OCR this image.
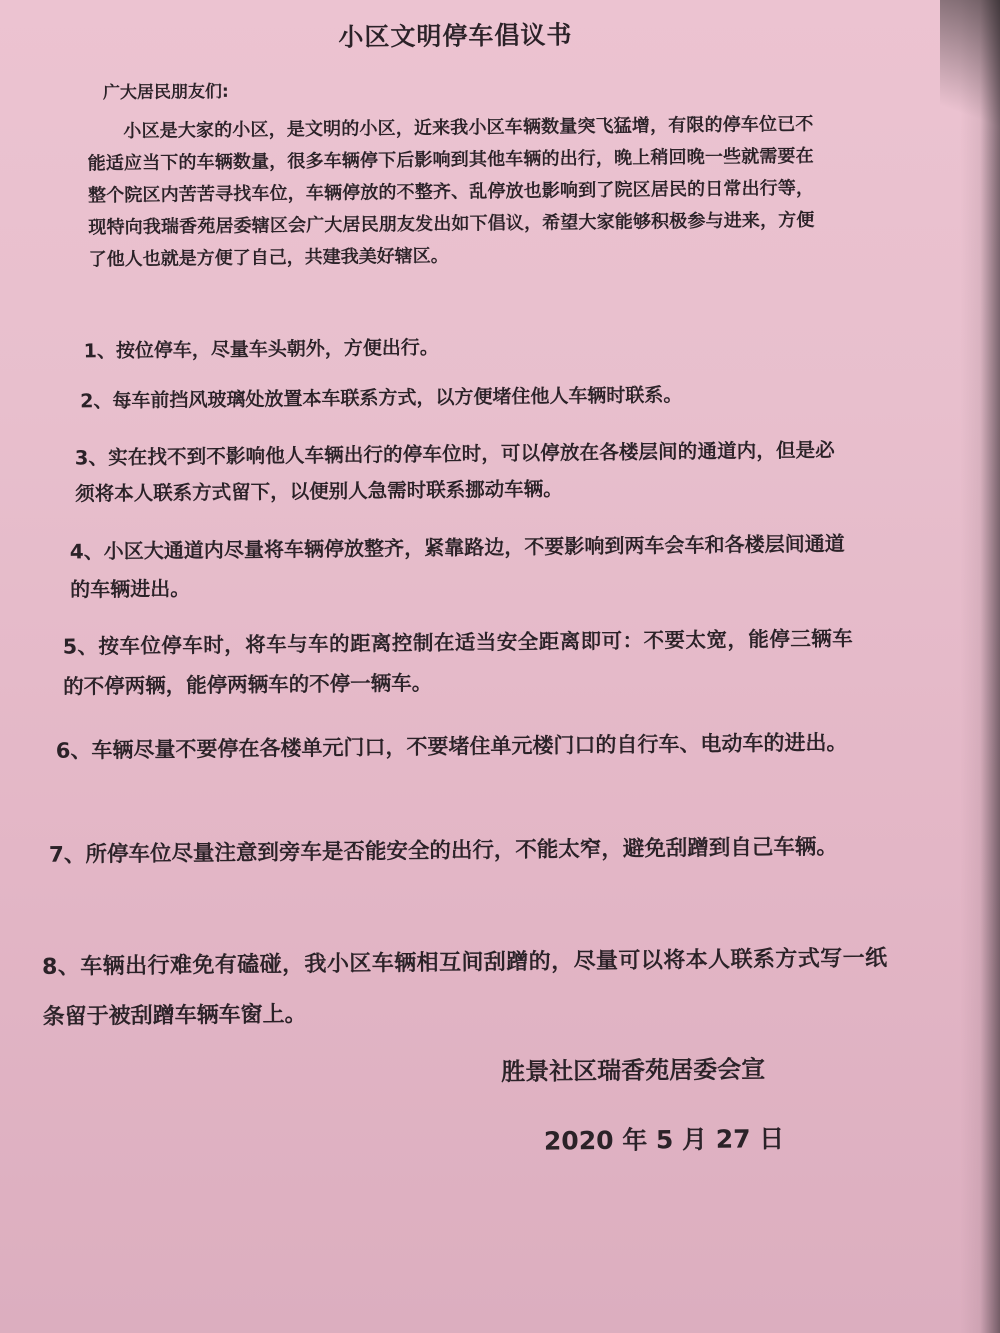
小区文明停车倡议书
广大居民朋友们:
小区是大家的小区，是文明的小区，近来我小区车辆数量突飞猛增，有限的停车位已不能适应当下的车辆数量，很多车辆停下后影响到其他车辆的出行，晚上稍回晚一些就需要在整个院区内苦苦寻找车位，车辆停放的不整齐、乱停放也影响到了院区居民的日常出行等，现特向我瑞香苑居委辖区会广大居民朋友发出如下倡议，希望大家能够积极参与进来，方便了他人也就是方便了自己，共建我美好辖区。
1、按位停车，尽量车头朝外，方便出行。
2、每车前挡风玻璃处放置本车联系方式，以方便堵住他人车辆时联系。
3、实在找不到不影响他人车辆出行的停车位时，可以停放在各楼层间的通道内，但是必须将本人联系方式留下，以便别人急需时联系挪动车辆。
4、小区大通道内尽量将车辆停放整齐，紧靠路边，不要影响到两车会车和各楼层间通道的车辆进出。
5、按车位停车时，将车与车的距离控制在适当安全距离即可：不要太宽，能停三辆车的不停两辆，能停两辆车的不停一辆车。
6、车辆尽量不要停在各楼单元门口，不要堵住单元楼门口的自行车、电动车的进出。
7、所停车位尽量注意到旁车是否能安全的出行，不能太窄，避免刮蹭到自己车辆。
8、车辆出行难免有磕碰，我小区车辆相互间刮蹭的，尽量可以将本人联系方式写一纸条留于被刮蹭车辆车窗上。
胜景社区瑞香苑居委会宣
2020 年 5 月 27 日
